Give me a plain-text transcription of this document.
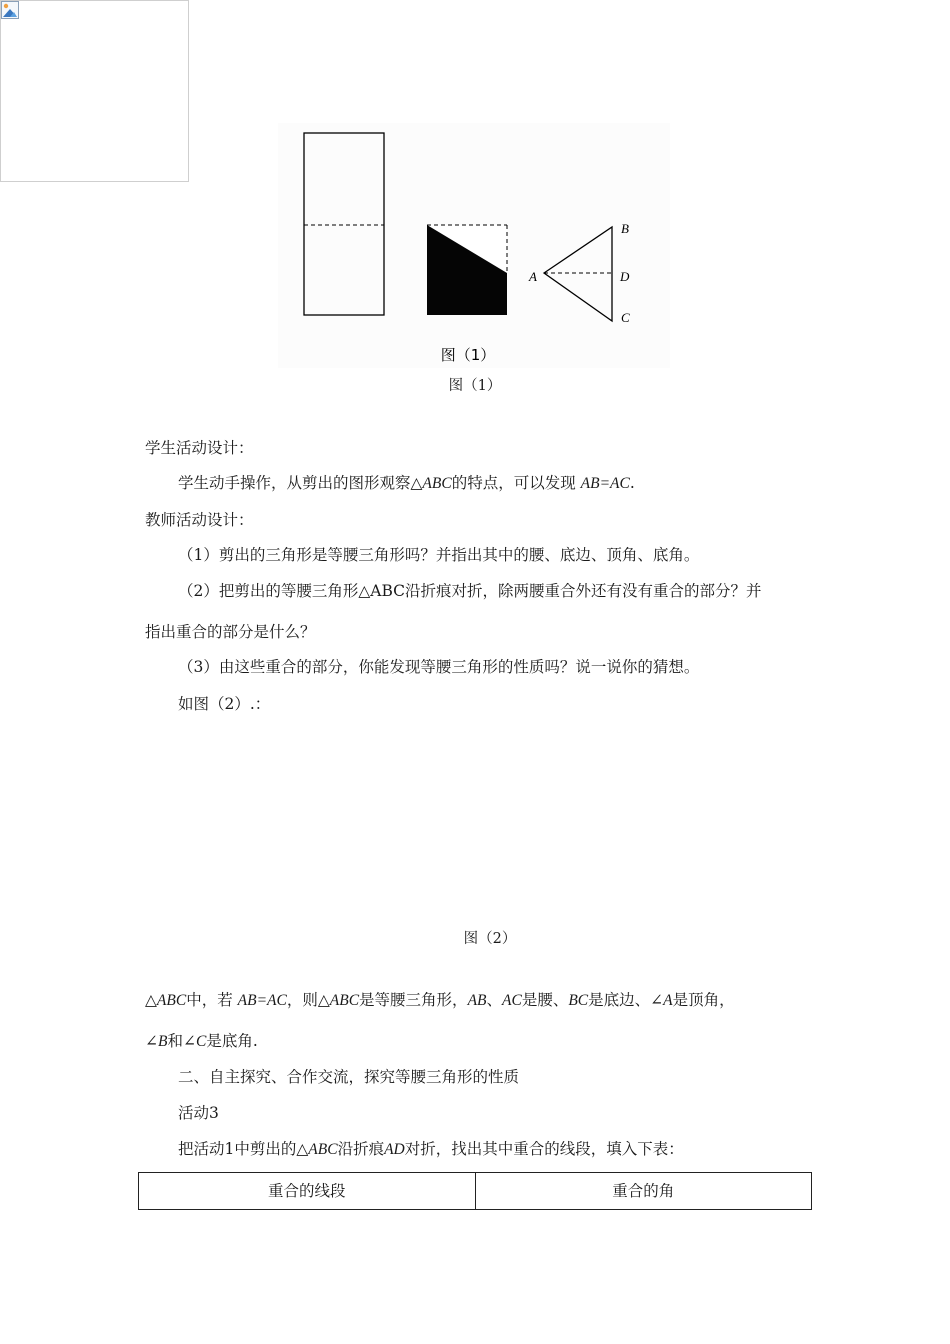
A
B
D
C
图（1）
图（1）
学生活动设计：
学生动手操作，从剪出的图形观察△ABC的特点，可以发现 AB=AC.
教师活动设计：
（1）剪出的三角形是等腰三角形吗？并指出其中的腰、底边、顶角、底角。
（2）把剪出的等腰三角形△ABC沿折痕对折，除两腰重合外还有没有重合的部分？并
指出重合的部分是什么？
（3）由这些重合的部分，你能发现等腰三角形的性质吗？说一说你的猜想。
如图（2）.：
图（2）
△ABC中，若 AB=AC，则△ABC是等腰三角形，AB、AC是腰、BC是底边、∠A是顶角，
∠B和∠C是底角.
二、自主探究、合作交流，探究等腰三角形的性质
活动3
把活动1中剪出的△ABC沿折痕AD对折，找出其中重合的线段，填入下表：
重合的线段	重合的角
